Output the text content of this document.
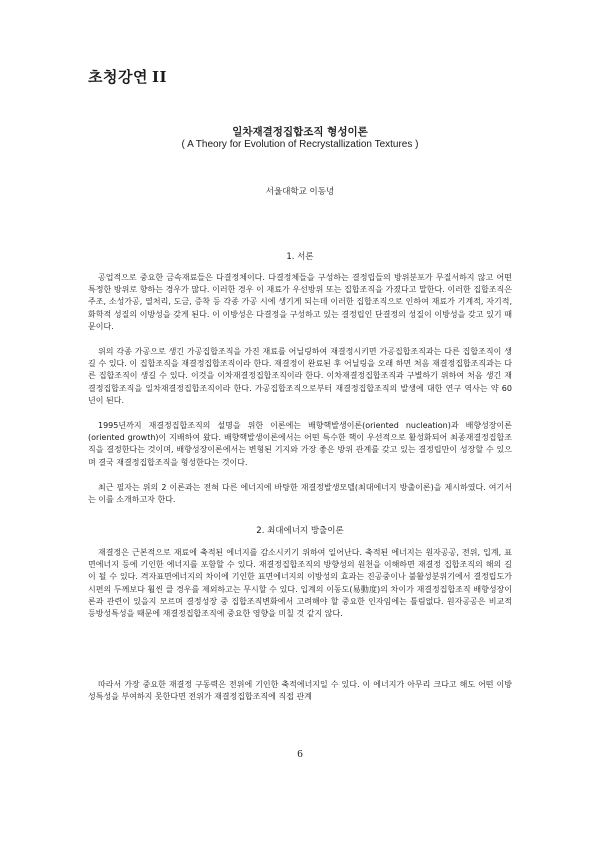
초청강연 II
일차재결정집합조직 형성이론
( A Theory for Evolution of Recrystallization Textures )
서울대학교 이동녕
1. 서론

공업적으로 중요한 금속재료들은 다결정체이다. 다결정체들을 구성하는 결정립들의 방위분포가 무질서하지 않고 어떤 특정한 방위로 향하는 경우가 많다. 이러한 경우 이 재료가 우선방위 또는 집합조직을 가졌다고 말한다. 이러한 집합조직은 주조, 소성가공, 열처리, 도금, 증착 등 각종 가공 시에 생기게 되는데 이러한 집합조직으로 인하여 재료가 기계적, 자기적, 화학적 성질의 이방성을 갖게 된다. 이 이방성은 다결정을 구성하고 있는 결정립인 단결정의 성질이 이방성을 갖고 있기 때문이다.

위의 각종 가공으로 생긴 가공집합조직을 가진 재료를 어닐링하여 재결정시키면 가공집합조직과는 다른 집합조직이 생길 수 있다. 이 집합조직을 재결정집합조직이라 한다. 재결정이 완료된 후 어닐링을 오래 하면 처음 재결정집합조직과는 다른 집합조직이 생길 수 있다. 이것을 이차재결정집합조직이라 한다. 이차재결정집합조직과 구별하기 위하여 처음 생긴 재결정집합조직을 일차재결정집합조직이라 한다. 가공집합조직으로부터 재결정집합조직의 발생에 대한 연구 역사는 약 60년이 된다.

1995년까지 재결정집합조직의 설명을 위한 이론에는 배향핵발생이론(oriented nucleation)과 배향성장이론(oriented growth)이 지배하여 왔다. 배향핵발생이론에서는 어떤 특수한 핵이 우선적으로 활성화되어 최종재결정집합조직을 결정한다는 것이며, 배향성장이론에서는 변형된 기지와 가장 좋은 방위 관계를 갖고 있는 결정립만이 성장할 수 있으며 결국 재결정집합조직을 형성한다는 것이다.

최근 필자는 위의 2 이론과는 전혀 다른 에너지에 바탕한 재결정발생모델(최대에너지 방출이론)을 제시하였다. 여기서는 이를 소개하고자 한다.

2. 최대에너지 방출이론

재결정은 근본적으로 재료에 축적된 에너지를 감소시키기 위하여 일어난다. 축적된 에너지는 원자공공, 전위, 입계, 표면에너지 등에 기인한 에너지를 포함할 수 있다. 재결정집합조직의 방향성의 원천을 이해하면 재결정 집합조직의 해의 길이 될 수 있다. 격자표면에너지의 차이에 기인한 표면에너지의 이방성의 효과는 진공중이나 불활성분위기에서 결정립도가 시편의 두께보다 훨씬 클 경우를 제외하고는 무시할 수 있다. 입계의 이동도(易動度)의 차이가 재결정집합조직 배향성장이론과 관련이 있을지 모르며 결정성장 중 집합조직변화에서 고려해야 할 중요한 인자임에는 틀림없다. 원자공공은 비교적 등방성특성을 때문에 재결정집합조직에 중요한 영향을 미칠 것 같지 않다.

따라서 가장 중요한 재결정 구동력은 전위에 기인한 축적에너지일 수 있다. 이 에너지가 아무리 크다고 해도 어떤 이방성특성을 부여하지 못한다면 전위가 재결정집합조직에 직접 관계

6
